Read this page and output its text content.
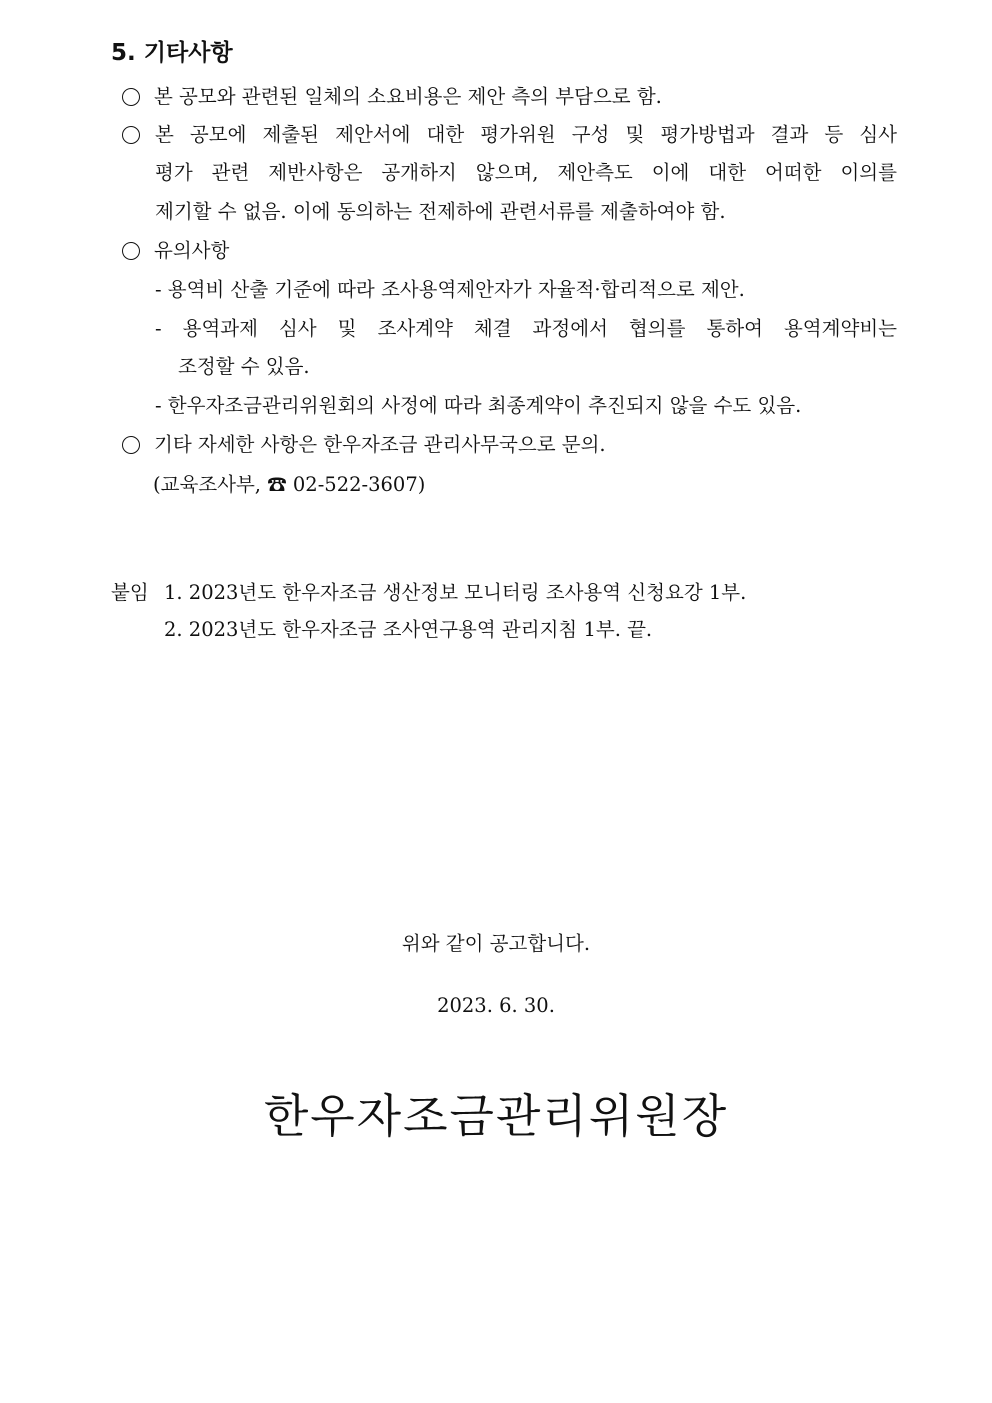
5. 기타사항
본 공모와 관련된 일체의 소요비용은 제안 측의 부담으로 함.
본 공모에 제출된 제안서에 대한 평가위원 구성 및 평가방법과 결과 등 심사
평가 관련 제반사항은 공개하지 않으며, 제안측도 이에 대한 어떠한 이의를
제기할 수 없음. 이에 동의하는 전제하에 관련서류를 제출하여야 함.
유의사항
- 용역비 산출 기준에 따라 조사용역제안자가 자율적·합리적으로 제안.
- 용역과제 심사 및 조사계약 체결 과정에서 협의를 통하여 용역계약비는
조정할 수 있음.
- 한우자조금관리위원회의 사정에 따라 최종계약이 추진되지 않을 수도 있음.
기타 자세한 사항은 한우자조금 관리사무국으로 문의.
(교육조사부, ☎ 02-522-3607)
붙임 1. 2023년도 한우자조금 생산정보 모니터링 조사용역 신청요강 1부.
2. 2023년도 한우자조금 조사연구용역 관리지침 1부. 끝.
위와 같이 공고합니다.
2023. 6. 30.
한우자조금관리위원장
